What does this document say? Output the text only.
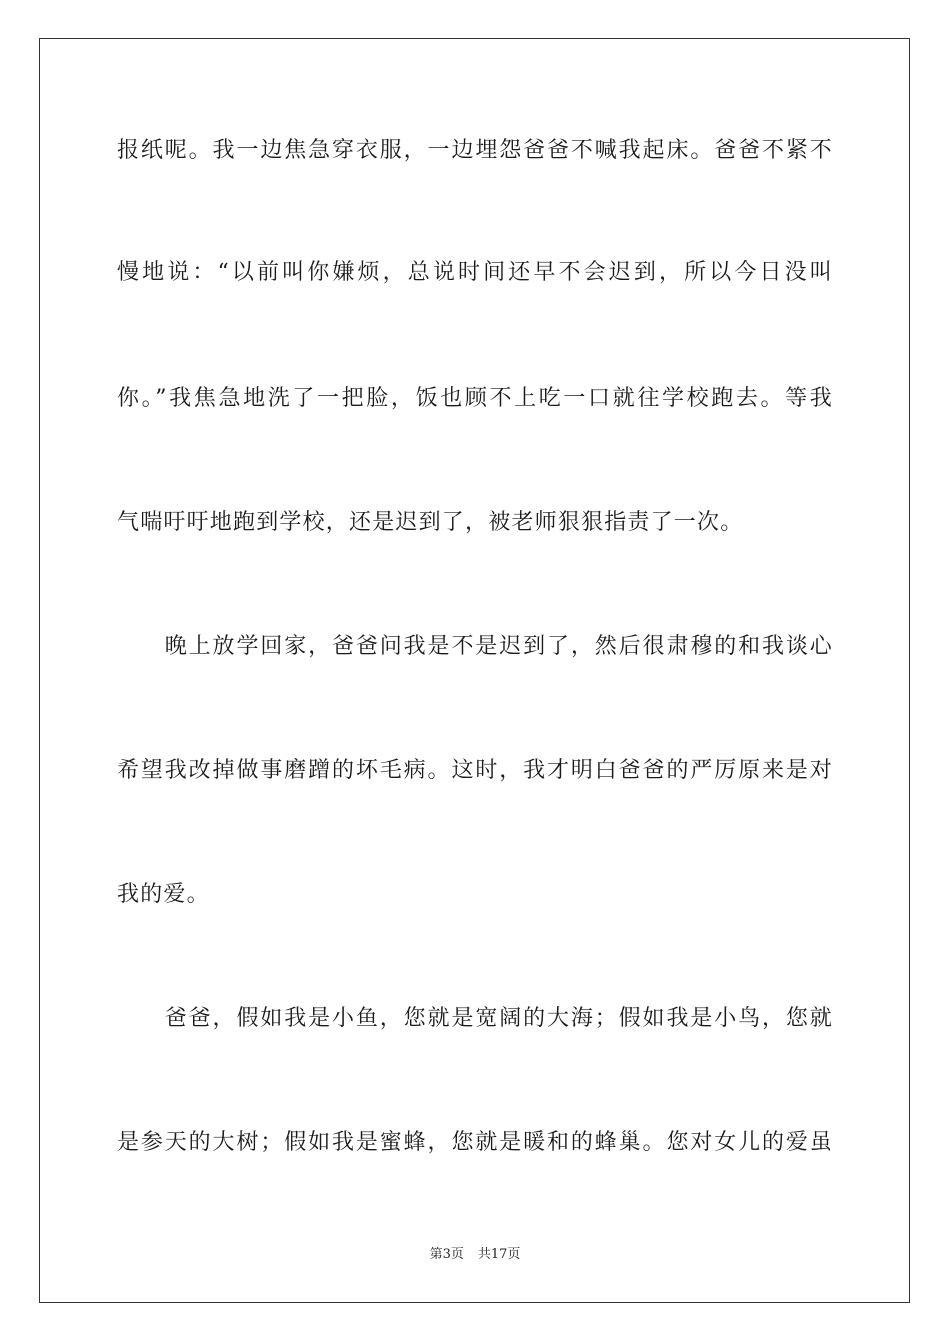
报纸呢。我一边焦急穿衣服，一边埋怨爸爸不喊我起床。爸爸不紧不
慢地说：“以前叫你嫌烦，总说时间还早不会迟到，所以今日没叫
你。”我焦急地洗了一把脸，饭也顾不上吃一口就往学校跑去。等我
气喘吁吁地跑到学校，还是迟到了，被老师狠狠指责了一次。
　　晚上放学回家，爸爸问我是不是迟到了，然后很肃穆的和我谈心
希望我改掉做事磨蹭的坏毛病。这时，我才明白爸爸的严厉原来是对
我的爱。
　　爸爸，假如我是小鱼，您就是宽阔的大海；假如我是小鸟，您就
是参天的大树；假如我是蜜蜂，您就是暖和的蜂巢。您对女儿的爱虽
第3页 共17页
